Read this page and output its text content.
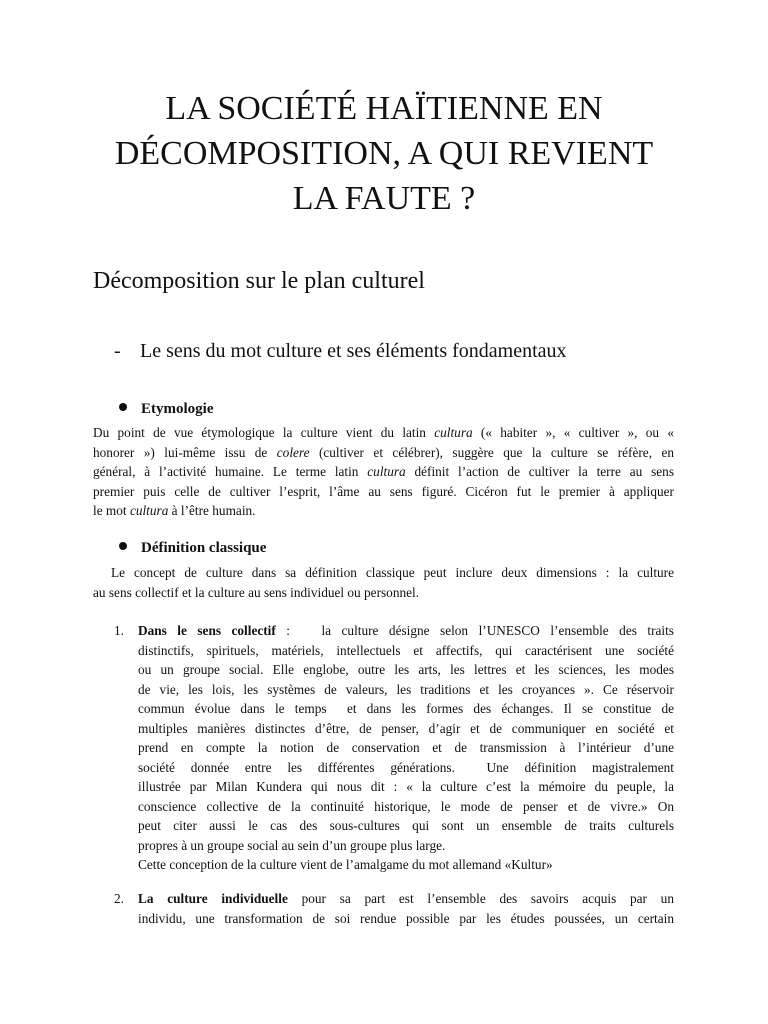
LA SOCIÉTÉ HAÏTIENNE EN
DÉCOMPOSITION, A QUI REVIENT
LA FAUTE ?
Décomposition sur le plan culturel
- Le sens du mot culture et ses éléments fondamentaux
Etymologie

Du point de vue étymologique la culture vient du latin cultura (« habiter », « cultiver », ou «
honorer ») lui-même issu de colere (cultiver et célébrer), suggère que la culture se réfère, en
général, à l’activité humaine. Le terme latin cultura définit l’action de cultiver la terre au sens
premier puis celle de cultiver l’esprit, l’âme au sens figuré. Cicéron fut le premier à appliquer
le mot cultura à l’être humain.

Définition classique

Le concept de culture dans sa définition classique peut inclure deux dimensions : la culture
au sens collectif et la culture au sens individuel ou personnel.

1. Dans le sens collectif :   la culture désigne selon l’UNESCO l’ensemble des traits
distinctifs, spirituels, matériels, intellectuels et affectifs, qui caractérisent une société
ou un groupe social. Elle englobe, outre les arts, les lettres et les sciences, les modes
de vie, les lois, les systèmes de valeurs, les traditions et les croyances ». Ce réservoir
commun évolue dans le temps  et dans les formes des échanges. Il se constitue de
multiples manières distinctes d’être, de penser, d’agir et de communiquer en société et
prend en compte la notion de conservation et de transmission à l’intérieur d’une
société donnée entre les différentes générations.  Une définition magistralement
illustrée par Milan Kundera qui nous dit : « la culture c’est la mémoire du peuple, la
conscience collective de la continuité historique, le mode de penser et de vivre.» On
peut citer aussi le cas des sous-cultures qui sont un ensemble de traits culturels
propres à un groupe social au sein d’un groupe plus large.
Cette conception de la culture vient de l’amalgame du mot allemand «Kultur»

2. La culture individuelle pour sa part est l’ensemble des savoirs acquis par un
individu, une transformation de soi rendue possible par les études poussées, un certain
